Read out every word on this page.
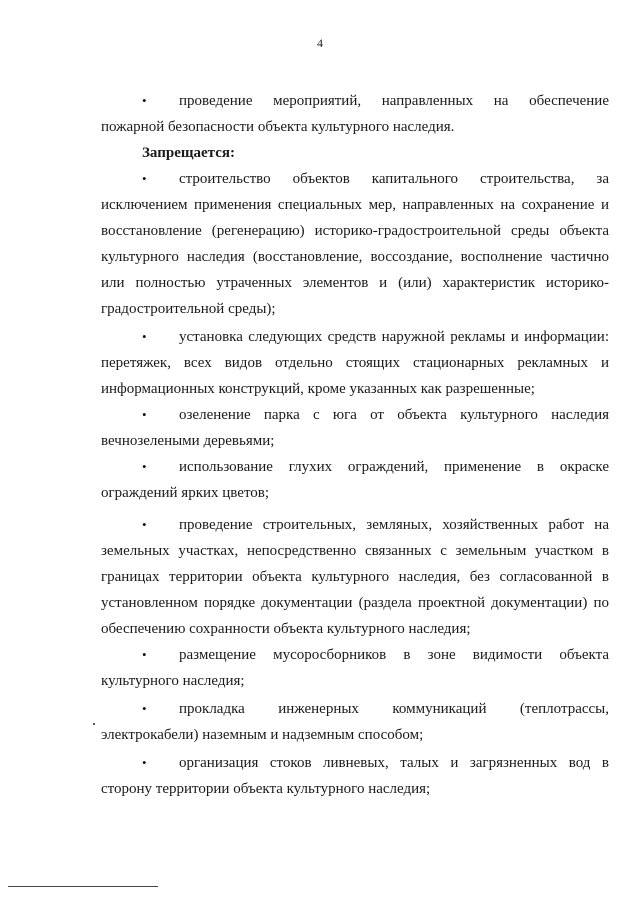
4
Запрещается:
•	проведение мероприятий, направленных на обеспечение
пожарной безопасности объекта культурного наследия.
•	строительство объектов капитального строительства, за
исключением применения специальных мер, направленных на сохранение и
восстановление (регенерацию) историко-градостроительной среды объекта
культурного наследия (восстановление, воссоздание, восполнение частично
или полностью утраченных элементов и (или) характеристик историко-
градостроительной среды);
•	установка следующих средств наружной рекламы и информации:
перетяжек, всех видов отдельно стоящих стационарных рекламных и
информационных конструкций, кроме указанных как разрешенные;
•	озеленение парка с юга от объекта культурного наследия
вечнозелеными деревьями;
•	использование глухих ограждений, применение в окраске
ограждений ярких цветов;
•	проведение строительных, земляных, хозяйственных работ на
земельных участках, непосредственно связанных с земельным участком в
границах территории объекта культурного наследия, без согласованной в
установленном порядке документации (раздела проектной документации) по
обеспечению сохранности объекта культурного наследия;
•	размещение мусоросборников в зоне видимости объекта
культурного наследия;
•	прокладка инженерных коммуникаций (теплотрассы,
электрокабели) наземным и надземным способом;
•	организация стоков ливневых, талых и загрязненных вод в
сторону территории объекта культурного наследия;
